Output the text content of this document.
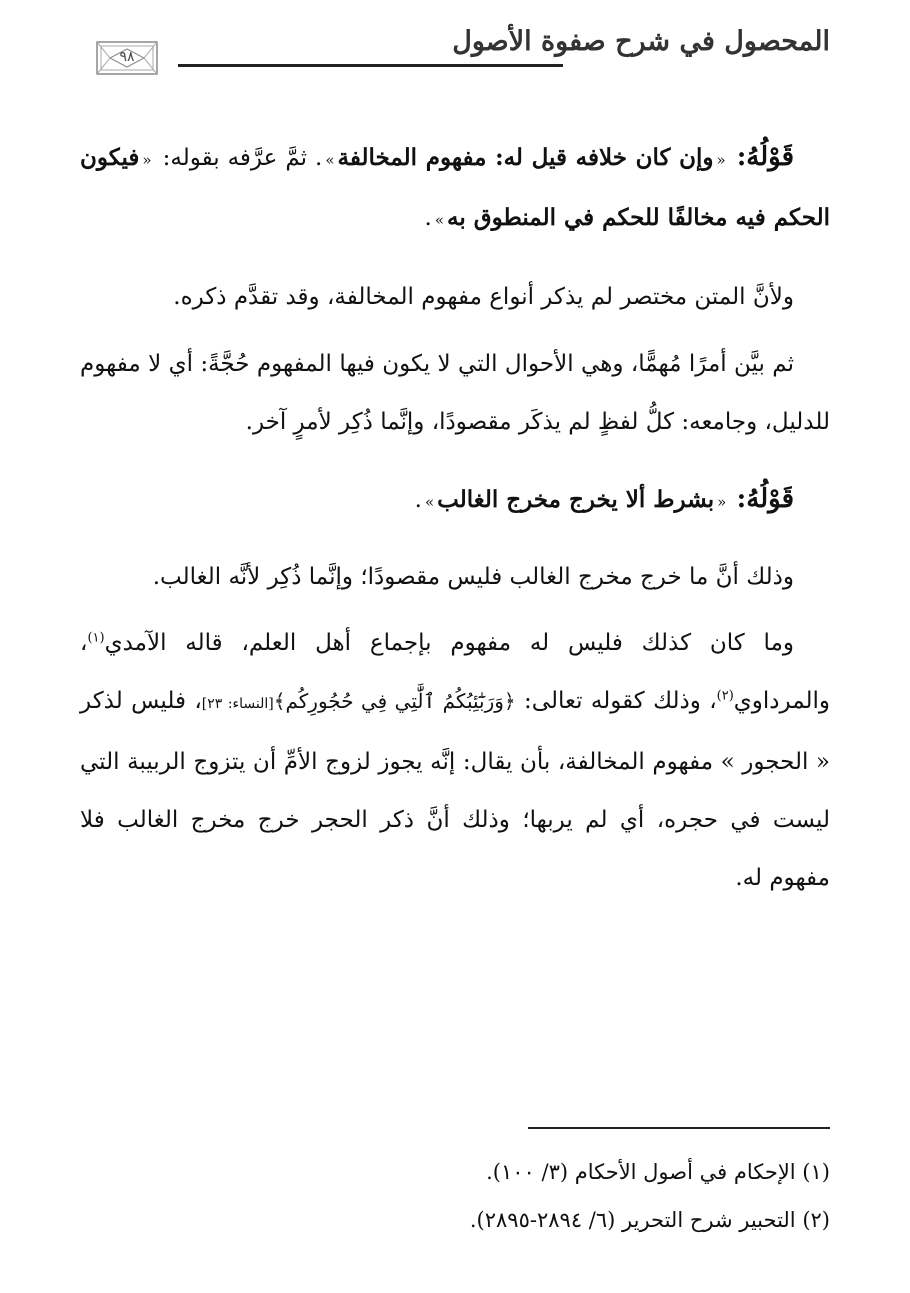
المحصول في شرح صفوة الأصول
٩٨

قَوْلُهُ: «وإن كان خلافه قيل له: مفهوم المخالفة». ثمَّ عرَّفه بقوله: «فيكون الحكم فيه مخالفًا للحكم في المنطوق به».

ولأنَّ المتن مختصر لم يذكر أنواع مفهوم المخالفة، وقد تقدَّم ذكره.

ثم بيَّن أمرًا مُهمًّا، وهي الأحوال التي لا يكون فيها المفهوم حُجَّةً: أي لا مفهوم للدليل، وجامعه: كلُّ لفظٍ لم يذكَر مقصودًا، وإنَّما ذُكِر لأمرٍ آخر.

قَوْلُهُ: «بشرط ألا يخرج مخرج الغالب».

وذلك أنَّ ما خرج مخرج الغالب فليس مقصودًا؛ وإنَّما ذُكِر لأنَّه الغالب.

وما كان كذلك فليس له مفهوم بإجماع أهل العلم، قاله الآمدي$^{(١)}$، والمرداوي$^{(٢)}$، وذلك كقوله تعالى: ﴿وَرَبَٰٓئِبُكُمُ ٱلَّٰتِي فِي حُجُورِكُم﴾[النساء: ٢٣]، فليس لذكر « الحجور » مفهوم المخالفة، بأن يقال: إنَّه يجوز لزوج الأمِّ أن يتزوج الربيبة التي ليست في حجره، أي لم يربها؛ وذلك أنَّ ذكر الحجر خرج مخرج الغالب فلا مفهوم له.

(١) الإحكام في أصول الأحكام (٣/ ١٠٠).
(٢) التحبير شرح التحرير (٦/ ٢٨٩٤-٢٨٩٥).
